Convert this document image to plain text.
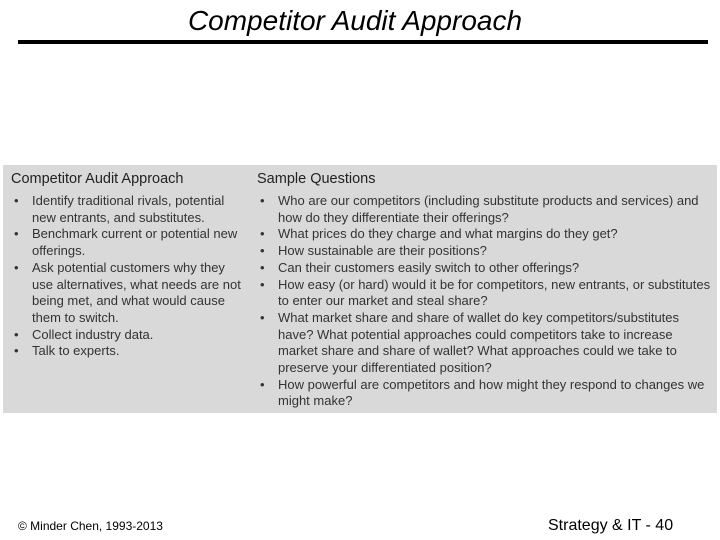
Competitor Audit Approach
Competitor Audit Approach
• Identify traditional rivals, potential new entrants, and substitutes.
• Benchmark current or potential new offerings.
• Ask potential customers why they use alternatives, what needs are not being met, and what would cause them to switch.
• Collect industry data.
• Talk to experts.
Sample Questions
• Who are our competitors (including substitute products and services) and how do they differentiate their offerings?
• What prices do they charge and what margins do they get?
• How sustainable are their positions?
• Can their customers easily switch to other offerings?
• How easy (or hard) would it be for competitors, new entrants, or substitutes to enter our market and steal share?
• What market share and share of wallet do key competitors/substitutes have? What potential approaches could competitors take to increase market share and share of wallet? What approaches could we take to preserve your differentiated position?
• How powerful are competitors and how might they respond to changes we might make?
© Minder Chen, 1993-2013	Strategy & IT - 40
